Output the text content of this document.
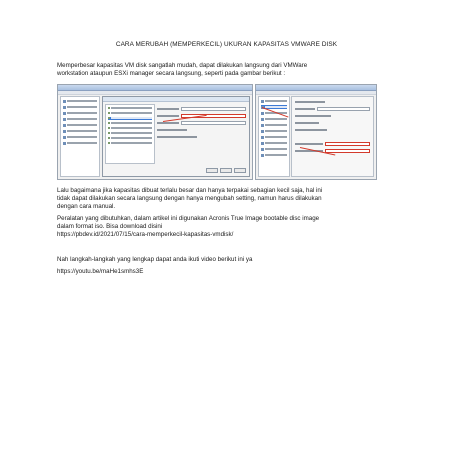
CARA MERUBAH (MEMPERKECIL) UKURAN KAPASITAS VMWARE DISK
Memperbesar kapasitas VM disk sangatlah mudah, dapat dilakukan langsung dari VMWare
workstation ataupun ESXi manager secara langsung, seperti pada gambar berikut :
Lalu bagaimana jika kapasitas dibuat terlalu besar dan hanya terpakai sebagian kecil saja, hal ini
tidak dapat dilakukan secara langsung dengan hanya mengubah setting, namun harus dilakukan
dengan cara manual.
Peralatan yang dibutuhkan, dalam artikel ini digunakan Acronis True Image bootable disc image
dalam format iso. Bisa download disini
https://pbdev.id/2021/07/15/cara-memperkecil-kapasitas-vmdisk/
Nah langkah-langkah yang lengkap dapat anda ikuti video berikut ini ya
https://youtu.be/maHe1smhs3E
